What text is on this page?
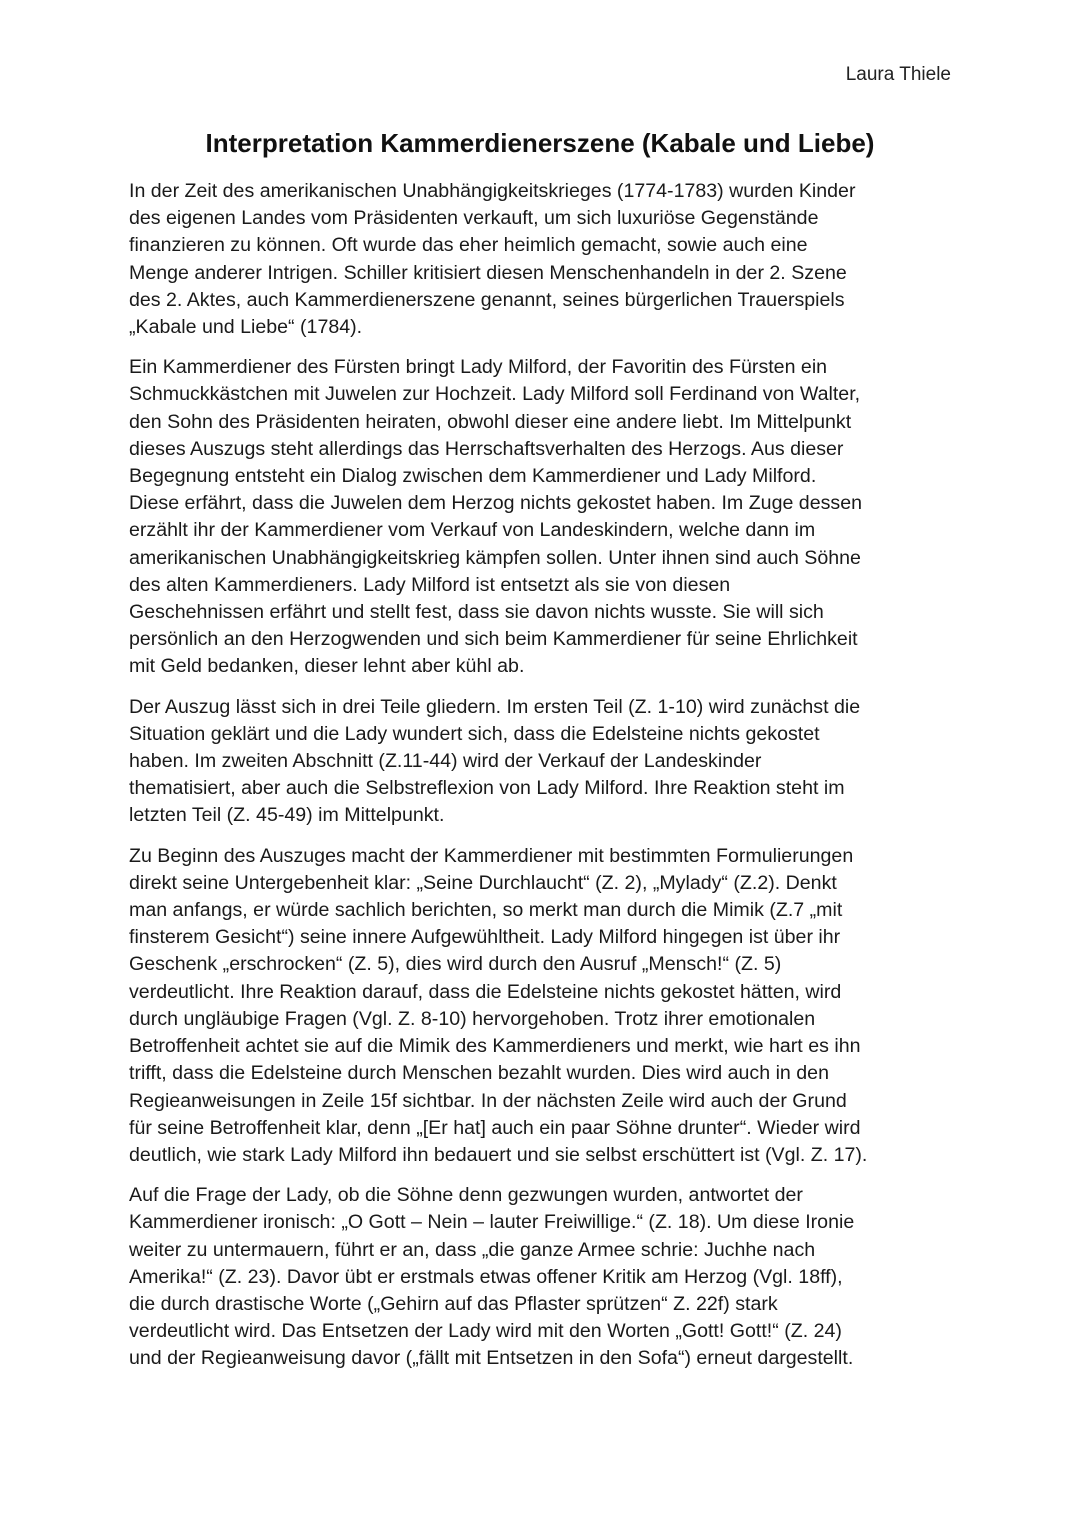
Laura Thiele
Interpretation Kammerdienerszene (Kabale und Liebe)

In der Zeit des amerikanischen Unabhängigkeitskrieges (1774-1783) wurden Kinder
des eigenen Landes vom Präsidenten verkauft, um sich luxuriöse Gegenstände
finanzieren zu können. Oft wurde das eher heimlich gemacht, sowie auch eine
Menge anderer Intrigen. Schiller kritisiert diesen Menschenhandeln in der 2. Szene
des 2. Aktes, auch Kammerdienerszene genannt, seines bürgerlichen Trauerspiels
„Kabale und Liebe“ (1784).

Ein Kammerdiener des Fürsten bringt Lady Milford, der Favoritin des Fürsten ein
Schmuckkästchen mit Juwelen zur Hochzeit. Lady Milford soll Ferdinand von Walter,
den Sohn des Präsidenten heiraten, obwohl dieser eine andere liebt. Im Mittelpunkt
dieses Auszugs steht allerdings das Herrschaftsverhalten des Herzogs. Aus dieser
Begegnung entsteht ein Dialog zwischen dem Kammerdiener und Lady Milford.
Diese erfährt, dass die Juwelen dem Herzog nichts gekostet haben. Im Zuge dessen
erzählt ihr der Kammerdiener vom Verkauf von Landeskindern, welche dann im
amerikanischen Unabhängigkeitskrieg kämpfen sollen. Unter ihnen sind auch Söhne
des alten Kammerdieners. Lady Milford ist entsetzt als sie von diesen
Geschehnissen erfährt und stellt fest, dass sie davon nichts wusste. Sie will sich
persönlich an den Herzogwenden und sich beim Kammerdiener für seine Ehrlichkeit
mit Geld bedanken, dieser lehnt aber kühl ab.

Der Auszug lässt sich in drei Teile gliedern. Im ersten Teil (Z. 1-10) wird zunächst die
Situation geklärt und die Lady wundert sich, dass die Edelsteine nichts gekostet
haben. Im zweiten Abschnitt (Z.11-44) wird der Verkauf der Landeskinder
thematisiert, aber auch die Selbstreflexion von Lady Milford. Ihre Reaktion steht im
letzten Teil (Z. 45-49) im Mittelpunkt.

Zu Beginn des Auszuges macht der Kammerdiener mit bestimmten Formulierungen
direkt seine Untergebenheit klar: „Seine Durchlaucht“ (Z. 2), „Mylady“ (Z.2). Denkt
man anfangs, er würde sachlich berichten, so merkt man durch die Mimik (Z.7 „mit
finsterem Gesicht“) seine innere Aufgewühltheit. Lady Milford hingegen ist über ihr
Geschenk „erschrocken“ (Z. 5), dies wird durch den Ausruf „Mensch!“ (Z. 5)
verdeutlicht. Ihre Reaktion darauf, dass die Edelsteine nichts gekostet hätten, wird
durch ungläubige Fragen (Vgl. Z. 8-10) hervorgehoben. Trotz ihrer emotionalen
Betroffenheit achtet sie auf die Mimik des Kammerdieners und merkt, wie hart es ihn
trifft, dass die Edelsteine durch Menschen bezahlt wurden. Dies wird auch in den
Regieanweisungen in Zeile 15f sichtbar. In der nächsten Zeile wird auch der Grund
für seine Betroffenheit klar, denn „[Er hat] auch ein paar Söhne drunter“. Wieder wird
deutlich, wie stark Lady Milford ihn bedauert und sie selbst erschüttert ist (Vgl. Z. 17).

Auf die Frage der Lady, ob die Söhne denn gezwungen wurden, antwortet der
Kammerdiener ironisch: „O Gott – Nein – lauter Freiwillige.“ (Z. 18). Um diese Ironie
weiter zu untermauern, führt er an, dass „die ganze Armee schrie: Juchhe nach
Amerika!“ (Z. 23). Davor übt er erstmals etwas offener Kritik am Herzog (Vgl. 18ff),
die durch drastische Worte („Gehirn auf das Pflaster sprützen“ Z. 22f) stark
verdeutlicht wird. Das Entsetzen der Lady wird mit den Worten „Gott! Gott!“ (Z. 24)
und der Regieanweisung davor („fällt mit Entsetzen in den Sofa“) erneut dargestellt.
